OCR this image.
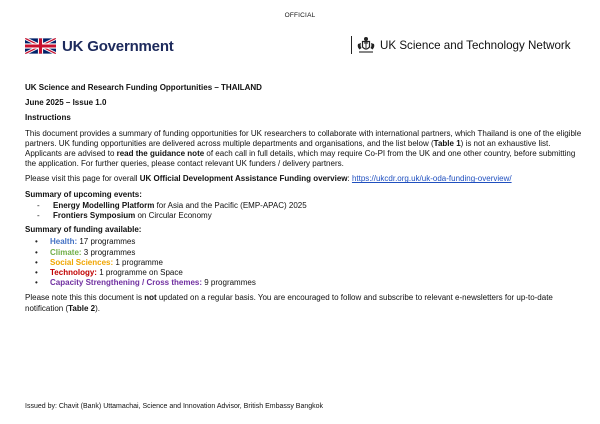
OFFICIAL
UK Government	UK Science and Technology Network

UK Science and Research Funding Opportunities – THAILAND

June 2025 – Issue 1.0

Instructions

This document provides a summary of funding opportunities for UK researchers to collaborate with international partners, which Thailand is one of the eligible partners. UK funding opportunities are delivered across multiple departments and organisations, and the list below (Table 1) is not an exhaustive list. Applicants are advised to read the guidance note of each call in full details, which may require Co-PI from the UK and one other country, before submitting the application. For further queries, please contact relevant UK funders / delivery partners.

Please visit this page for overall UK Official Development Assistance Funding overview: https://ukcdr.org.uk/uk-oda-funding-overview/

Summary of upcoming events:

- Energy Modelling Platform for Asia and the Pacific (EMP-APAC) 2025
- Frontiers Symposium on Circular Economy

Summary of funding available:

• Health: 17 programmes
• Climate: 3 programmes
• Social Sciences: 1 programme
• Technology: 1 programme on Space
• Capacity Strengthening / Cross themes: 9 programmes

Please note this this document is not updated on a regular basis. You are encouraged to follow and subscribe to relevant e-newsletters for up-to-date notification (Table 2).

Issued by: Chavit (Bank) Uttamachai, Science and Innovation Advisor, British Embassy Bangkok
